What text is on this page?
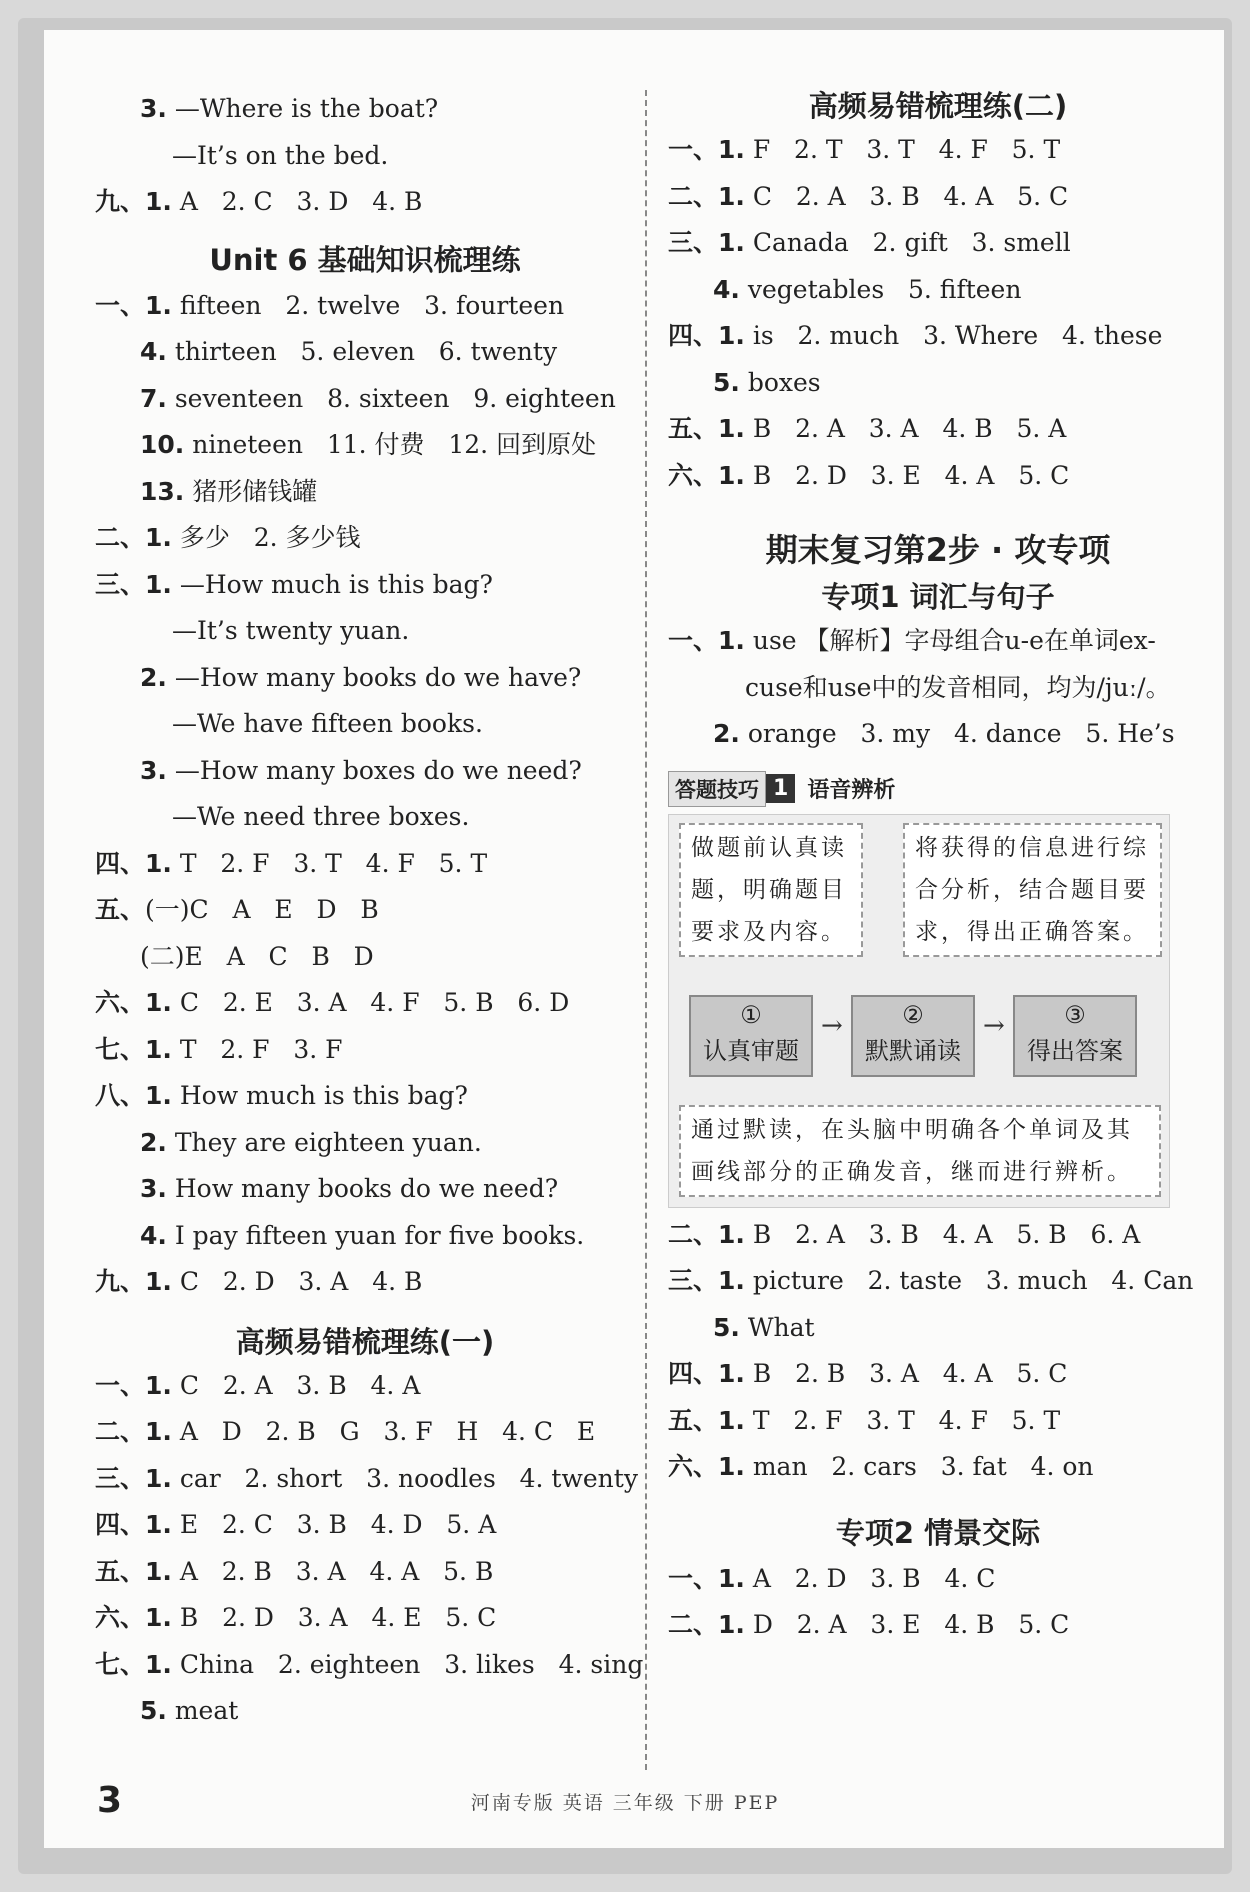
3. —Where is the boat?
—It’s on the bed.
九、1. A   2. C   3. D   4. B
Unit 6 基础知识梳理练
一、1. fifteen   2. twelve   3. fourteen
4. thirteen   5. eleven   6. twenty
7. seventeen   8. sixteen   9. eighteen
10. nineteen   11. 付费   12. 回到原处
13. 猪形储钱罐
二、1. 多少   2. 多少钱
三、1. —How much is this bag?
—It’s twenty yuan.
2. —How many books do we have?
—We have fifteen books.
3. —How many boxes do we need?
—We need three boxes.
四、1. T   2. F   3. T   4. F   5. T
五、(一)C   A   E   D   B
(二)E   A   C   B   D
六、1. C   2. E   3. A   4. F   5. B   6. D
七、1. T   2. F   3. F
八、1. How much is this bag?
2. They are eighteen yuan.
3. How many books do we need?
4. I pay fifteen yuan for five books.
九、1. C   2. D   3. A   4. B
高频易错梳理练(一)
一、1. C   2. A   3. B   4. A
二、1. A   D   2. B   G   3. F   H   4. C   E
三、1. car   2. short   3. noodles   4. twenty
四、1. E   2. C   3. B   4. D   5. A
五、1. A   2. B   3. A   4. A   5. B
六、1. B   2. D   3. A   4. E   5. C
七、1. China   2. eighteen   3. likes   4. sing
5. meat
高频易错梳理练(二)
一、1. F   2. T   3. T   4. F   5. T
二、1. C   2. A   3. B   4. A   5. C
三、1. Canada   2. gift   3. smell
4. vegetables   5. fifteen
四、1. is   2. much   3. Where   4. these
5. boxes
五、1. B   2. A   3. A   4. B   5. A
六、1. B   2. D   3. E   4. A   5. C
期末复习第2步 · 攻专项
专项1 词汇与句子
一、1. use 【解析】字母组合u-e在单词ex-
cuse和use中的发音相同，均为/juː/。
2. orange   3. my   4. dance   5. He’s
答题技巧 1 语音辨析
做题前认真读题，明确题目要求及内容。
将获得的信息进行综合分析，结合题目要求，得出正确答案。
①
认真审题
→	②
默默诵读
→	③
得出答案
通过默读，在头脑中明确各个单词及其画线部分的正确发音，继而进行辨析。
二、1. B   2. A   3. B   4. A   5. B   6. A
三、1. picture   2. taste   3. much   4. Can
5. What
四、1. B   2. B   3. A   4. A   5. C
五、1. T   2. F   3. T   4. F   5. T
六、1. man   2. cars   3. fat   4. on
专项2 情景交际
一、1. A   2. D   3. B   4. C
二、1. D   2. A   3. E   4. B   5. C
3	河南专版 英语 三年级 下册 PEP
